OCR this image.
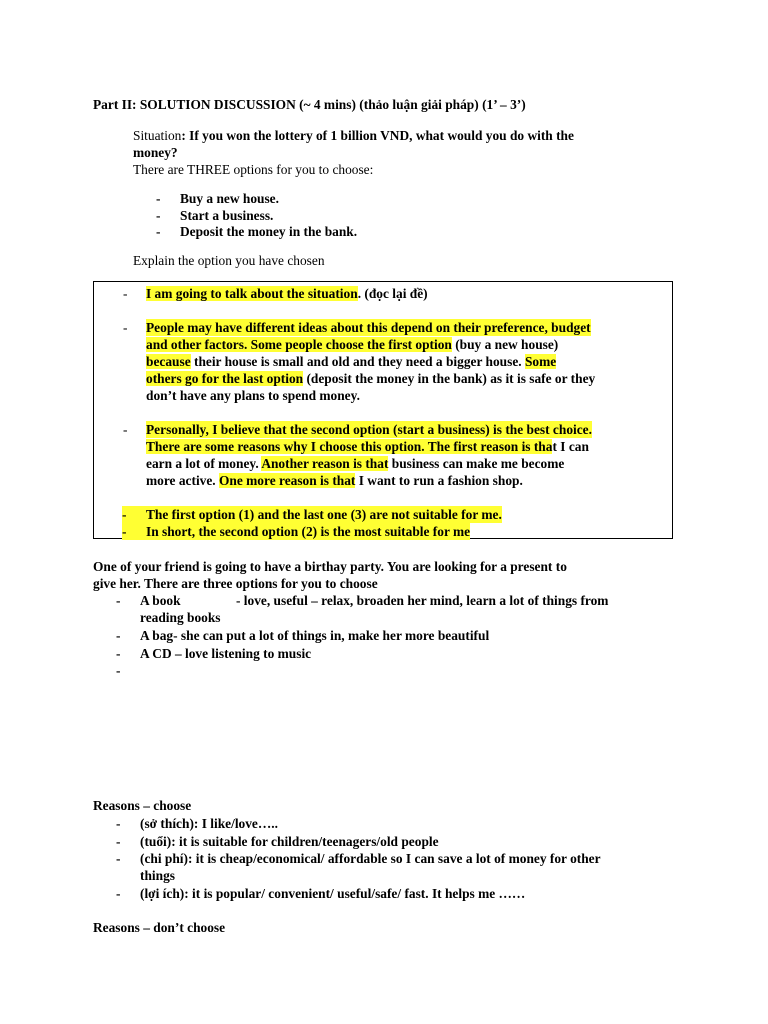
Part II: SOLUTION DISCUSSION (~ 4 mins) (thảo luận giải pháp) (1’ – 3’)
Situation: If you won the lottery of 1 billion VND, what would you do with the
money?
There are THREE options for you to choose:
-	Buy a new house.
-	Start a business.
-	Deposit the money in the bank.
Explain the option you have chosen
-	I am going to talk about the situation. (đọc lại đề)
-	People may have different ideas about this depend on their preference, budget
and other factors. Some people choose the first option (buy a new house)
because their house is small and old and they need a bigger house. Some
others go for the last option (deposit the money in the bank) as it is safe or they
don’t have any plans to spend money.
-	Personally, I believe that the second option (start a business) is the best choice.
There are some reasons why I choose this option. The first reason is that I can
earn a lot of money. Another reason is that business can make me become
more active. One more reason is that I want to run a fashion shop.
-	The first option (1) and the last one (3) are not suitable for me.
-	In short, the second option (2) is the most suitable for me
One of your friend is going to have a birthay party. You are looking for a present to
give her. There are three options for you to choose
-	A book	- love, useful – relax, broaden her mind, learn a lot of things from
reading books
-	A bag- she can put a lot of things in, make her more beautiful
-	A CD – love listening to music
-
Reasons – choose
-	(sở thích): I like/love…..
-	(tuổi): it is suitable for children/teenagers/old people
-	(chi phí): it is cheap/economical/ affordable so I can save a lot of money for other
things
-	(lợi ích): it is popular/ convenient/ useful/safe/ fast. It helps me ……
Reasons – don’t choose
